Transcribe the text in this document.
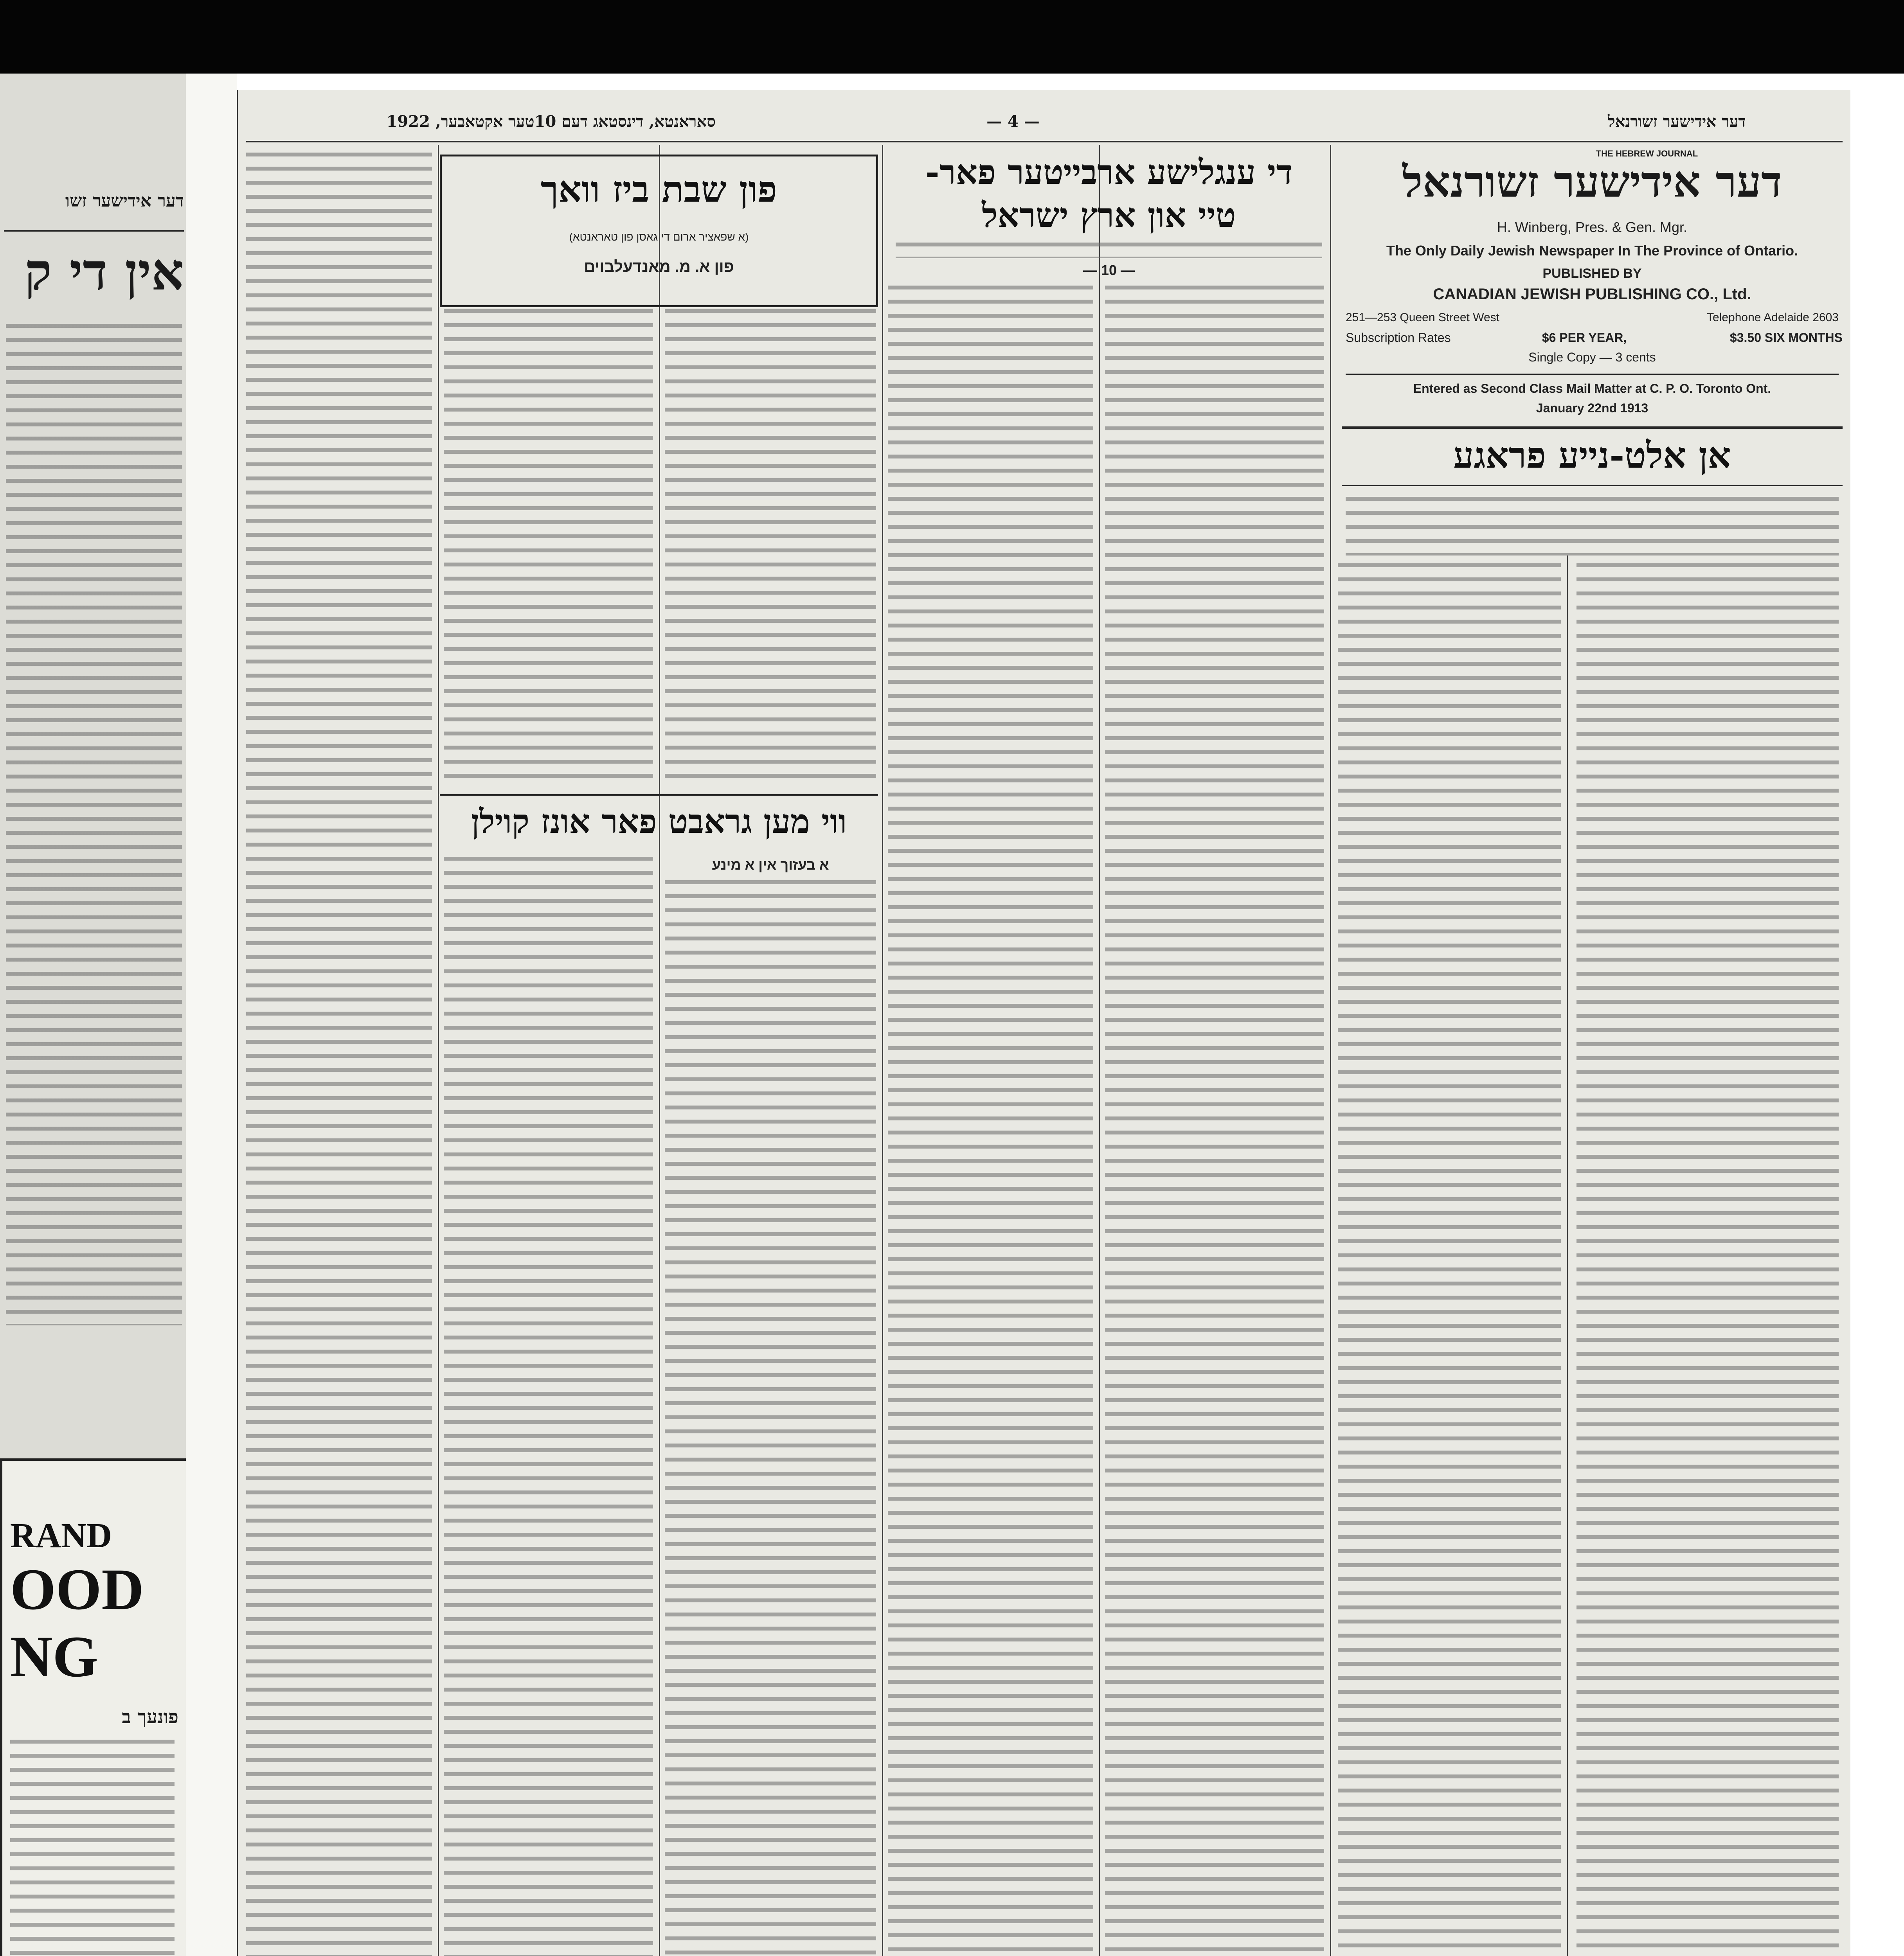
דער אידישער זשו
אין די ק
RAND
OOD
NG
פונעך ב
סאראנטא, דינסטאג דעם 10טער אקטאבער, 1922	— 4 —	דער אידישער זשורנאל
THE HEBREW JOURNAL
דער אידישער זשורנאל
H. Winberg, Pres. & Gen. Mgr.
The Only Daily Jewish Newspaper In The Province of Ontario.
PUBLISHED BY
CANADIAN JEWISH PUBLISHING CO., Ltd.
251—253 Queen Street West	Telephone Adelaide 2603
Subscription Rates	$6 PER YEAR,	$3.50 SIX MONTHS
Single Copy — 3 cents
Entered as Second Class Mail Matter at C. P. O. Toronto Ont.
January 22nd 1913
אן אלט-נייע פראגע
די ענגלישע ארבייטער פאר-
טיי און ארץ ישראל
— 10 —
פון שבת ביז וואך
(א שפאציר ארום די גאסן פון טאראנטא)
פון א. מ. מאנדעלבוים
ווי מען גראבט פאר אונז קוילן
א בעזוך אין א מינע
